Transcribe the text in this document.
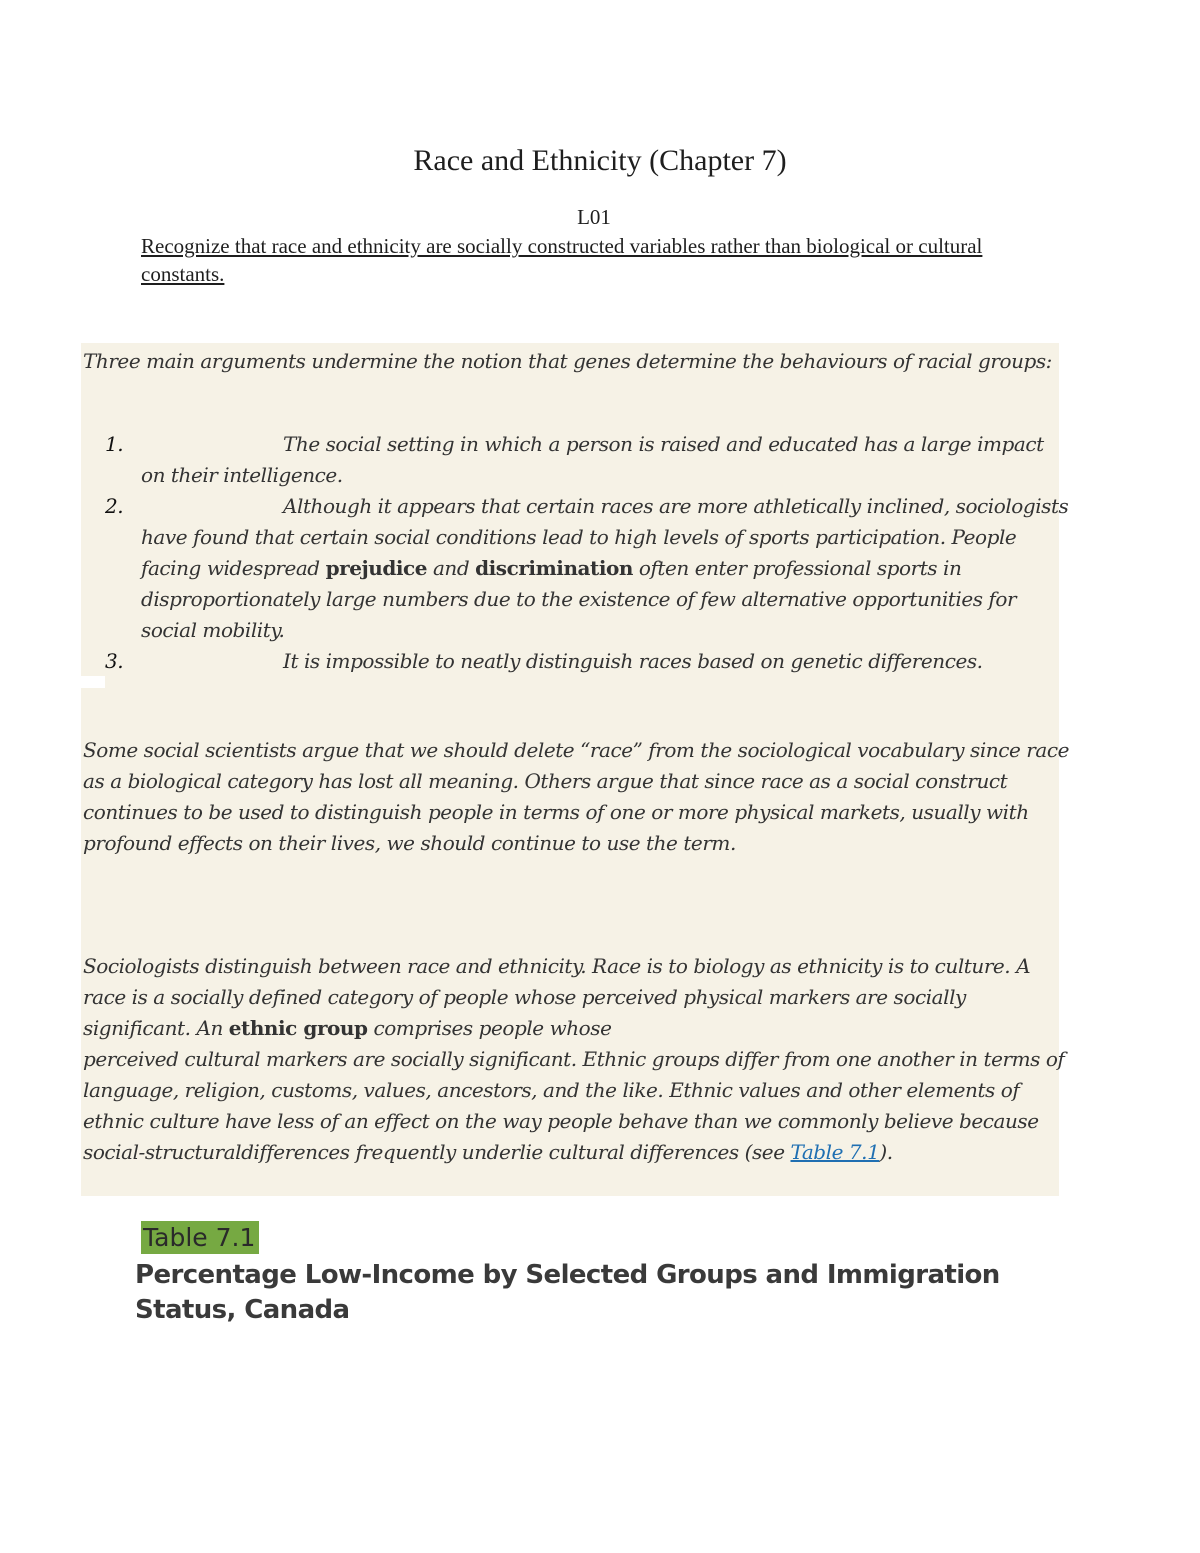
Race and Ethnicity (Chapter 7)
L01
Recognize that race and ethnicity are socially constructed variables rather than biological or cultural constants.
Three main arguments undermine the notion that genes determine the behaviours of racial groups:
1.	The social setting in which a person is raised and educated has a large impact on their intelligence.
2.	Although it appears that certain races are more athletically inclined, sociologists have found that certain social conditions lead to high levels of sports participation. People facing widespread prejudice and discrimination often enter professional sports in disproportionately large numbers due to the existence of few alternative opportunities for social mobility.
3.	It is impossible to neatly distinguish races based on genetic differences.
Some social scientists argue that we should delete “race” from the sociological vocabulary since race as a biological category has lost all meaning. Others argue that since race as a social construct continues to be used to distinguish people in terms of one or more physical markets, usually with profound effects on their lives, we should continue to use the term.
Sociologists distinguish between race and ethnicity. Race is to biology as ethnicity is to culture. A race is a socially defined category of people whose perceived physical markers are socially significant. An ethnic group comprises people whose
perceived cultural markers are socially significant. Ethnic groups differ from one another in terms of language, religion, customs, values, ancestors, and the like. Ethnic values and other elements of ethnic culture have less of an effect on the way people behave than we commonly believe because social-structuraldifferences frequently underlie cultural differences (see Table 7.1).
Table 7.1
Percentage Low-Income by Selected Groups and Immigration Status, Canada
